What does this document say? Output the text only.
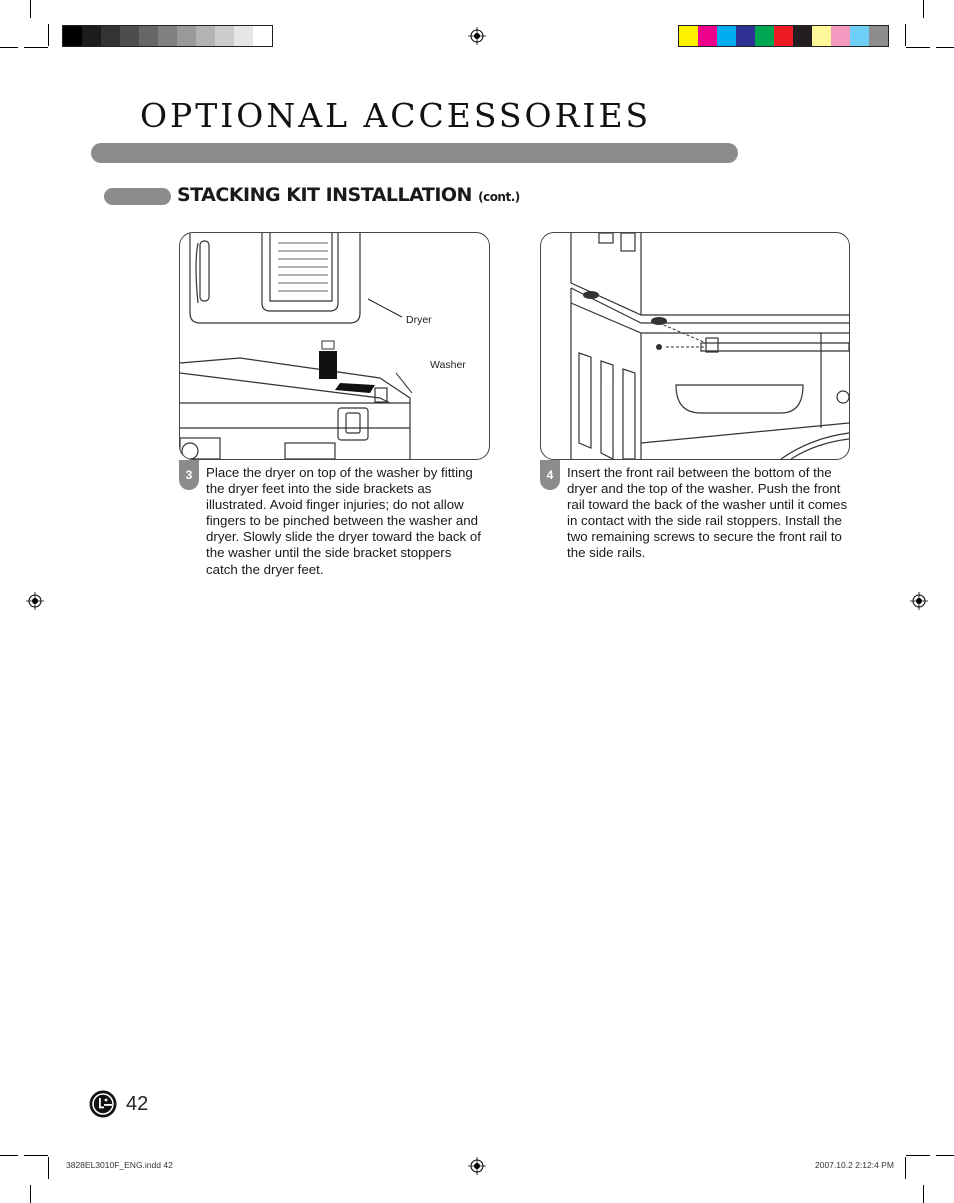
OPTIONAL ACCESSORIES
STACKING KIT INSTALLATION (cont.)
Dryer
Washer
3	Place the dryer on top of the washer by fitting the dryer feet into the side brackets as illustrated. Avoid finger injuries; do not allow fingers to be pinched between the washer and dryer. Slowly slide the dryer toward the back of the washer until the side bracket stoppers catch the dryer feet.
4	Insert the front rail between the bottom of the dryer and the top of the washer. Push the front rail toward the back of the washer until it comes in contact with the side rail stoppers. Install the two remaining screws to secure the front rail to the side rails.
42
3828EL3010F_ENG.indd 42	2007.10.2 2:12:4 PM
